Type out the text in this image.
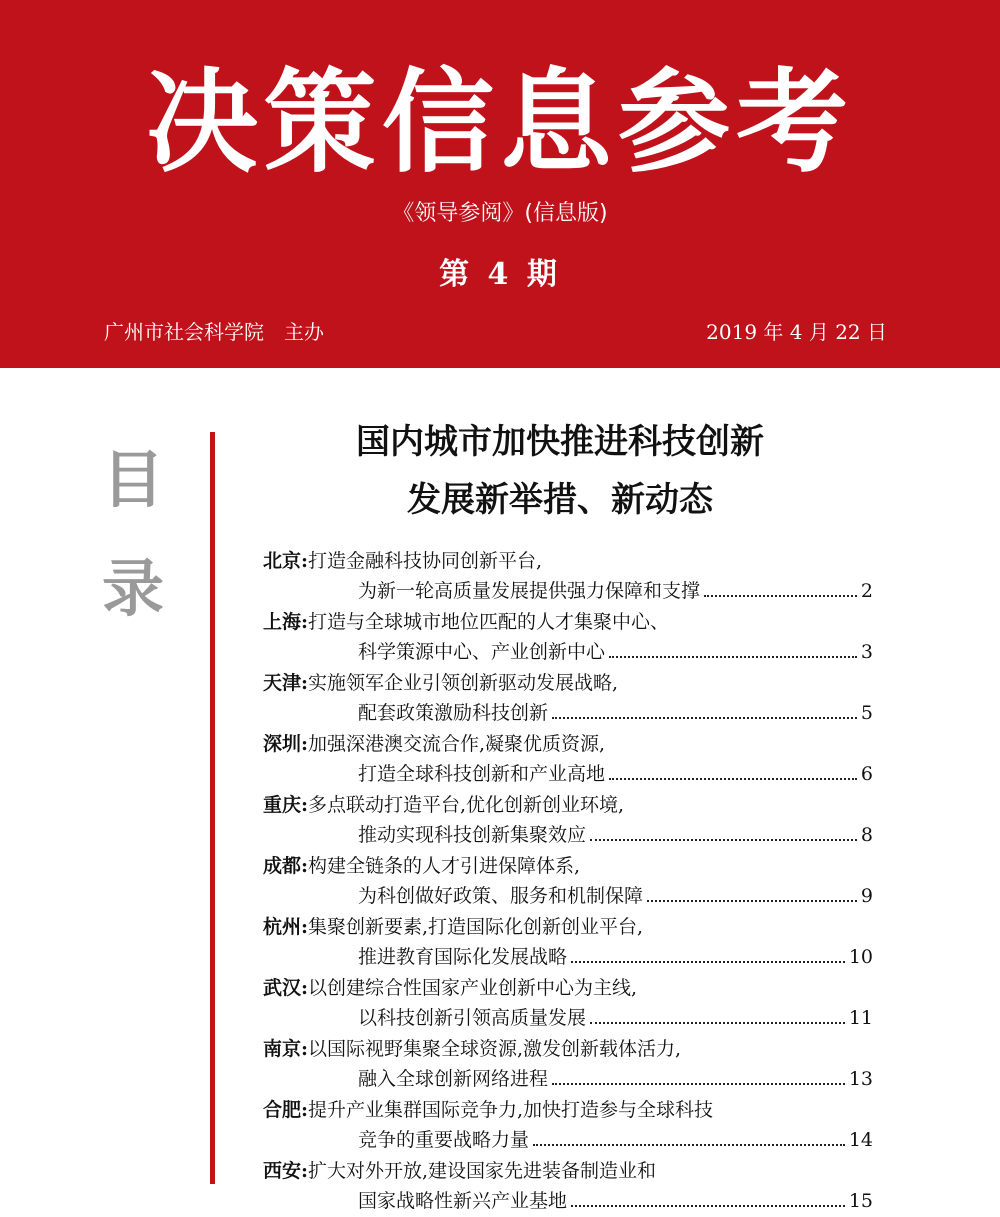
决策信息参考
《领导参阅》(信息版)
第 4 期
广州市社会科学院　主办	2019 年 4 月 22 日
目
录
国内城市加快推进科技创新
发展新举措、新动态
北京:打造金融科技协同创新平台,
为新一轮高质量发展提供强力保障和支撑	2
上海:打造与全球城市地位匹配的人才集聚中心、
科学策源中心、产业创新中心	3
天津:实施领军企业引领创新驱动发展战略,
配套政策激励科技创新	5
深圳:加强深港澳交流合作,凝聚优质资源,
打造全球科技创新和产业高地	6
重庆:多点联动打造平台,优化创新创业环境,
推动实现科技创新集聚效应	8
成都:构建全链条的人才引进保障体系,
为科创做好政策、服务和机制保障	9
杭州:集聚创新要素,打造国际化创新创业平台,
推进教育国际化发展战略	10
武汉:以创建综合性国家产业创新中心为主线,
以科技创新引领高质量发展	11
南京:以国际视野集聚全球资源,激发创新载体活力,
融入全球创新网络进程	13
合肥:提升产业集群国际竞争力,加快打造参与全球科技
竞争的重要战略力量	14
西安:扩大对外开放,建设国家先进装备制造业和
国家战略性新兴产业基地	15
